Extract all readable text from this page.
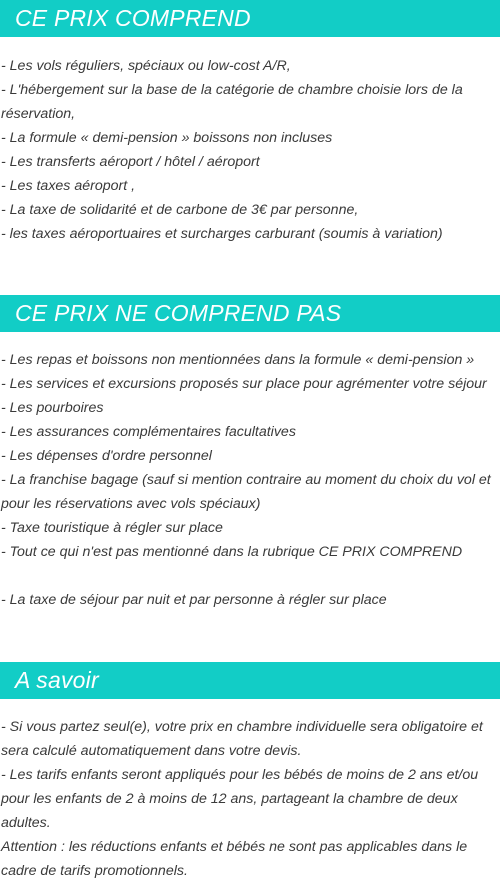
CE PRIX COMPREND
- Les vols réguliers, spéciaux ou low-cost A/R,
- L'hébergement sur la base de la catégorie de chambre choisie lors de la réservation,
- La formule « demi-pension » boissons non incluses
- Les transferts aéroport / hôtel / aéroport
- Les taxes aéroport ,
- La taxe de solidarité et de carbone de 3€ par personne,
- les taxes aéroportuaires et surcharges carburant (soumis à variation)
CE PRIX NE COMPREND PAS
- Les repas et boissons non mentionnées dans la formule « demi-pension »
- Les services et excursions proposés sur place pour agrémenter votre séjour
- Les pourboires
- Les assurances complémentaires facultatives
- Les dépenses d'ordre personnel
- La franchise bagage (sauf si mention contraire au moment du choix du vol et pour les réservations avec vols spéciaux)
- Taxe touristique à régler sur place
- Tout ce qui n'est pas mentionné dans la rubrique CE PRIX COMPREND
- La taxe de séjour par nuit et par personne à régler sur place
A savoir
- Si vous partez seul(e), votre prix en chambre individuelle sera obligatoire et sera calculé automatiquement dans votre devis.
- Les tarifs enfants seront appliqués pour les bébés de moins de 2 ans et/ou pour les enfants de 2 à moins de 12 ans, partageant la chambre de deux adultes.
Attention : les réductions enfants et bébés ne sont pas applicables dans le cadre de tarifs promotionnels.
